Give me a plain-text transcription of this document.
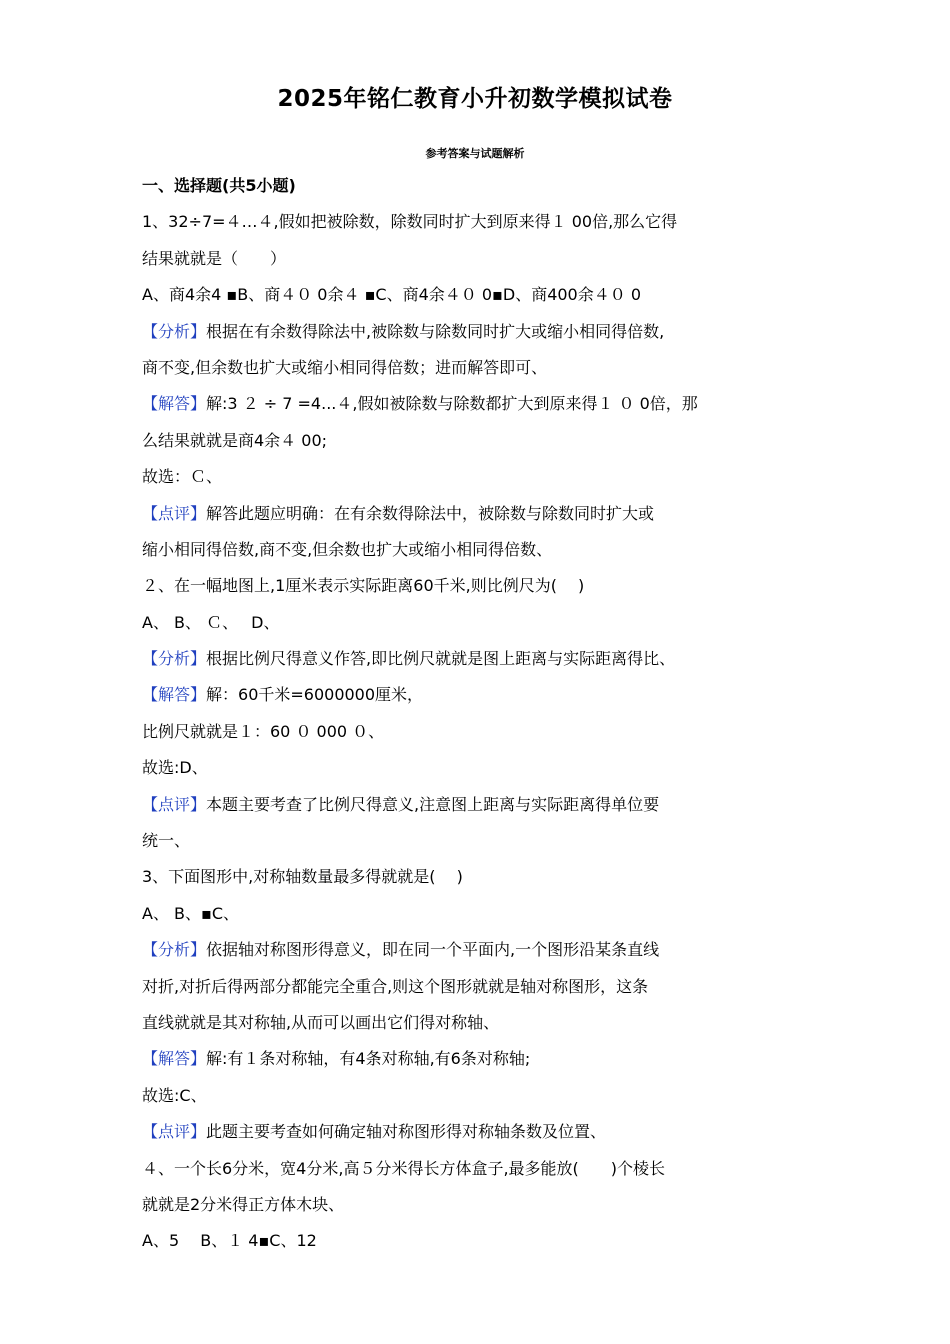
2025年铭仁教育小升初数学模拟试卷
参考答案与试题解析
一、选择题(共5小题)
1、32÷7=４…４,假如把被除数，除数同时扩大到原来得１ 00倍,那么它得
结果就就是（　　）
A、商4余4 ▪B、商４０ 0余４ ▪C、商4余４０ 0▪D、商400余４０ 0
【分析】根据在有余数得除法中,被除数与除数同时扩大或缩小相同得倍数,
商不变,但余数也扩大或缩小相同得倍数；进而解答即可、
【解答】解:3 ２ ÷ 7 =4...４,假如被除数与除数都扩大到原来得１ ０ 0倍，那
么结果就就是商4余４ 00;
故选：Ｃ、
【点评】解答此题应明确：在有余数得除法中，被除数与除数同时扩大或
缩小相同得倍数,商不变,但余数也扩大或缩小相同得倍数、
２、在一幅地图上,1厘米表示实际距离60千米,则比例尺为(　 )
A、 B、 Ｃ、　 D、
【分析】根据比例尺得意义作答,即比例尺就就是图上距离与实际距离得比、
【解答】解：60千米=6000000厘米，
比例尺就就是１：60 ０ 000 ０、
故选:D、
【点评】本题主要考查了比例尺得意义,注意图上距离与实际距离得单位要
统一、
3、下面图形中,对称轴数量最多得就就是(　 )
A、 B、▪C、
【分析】依据轴对称图形得意义，即在同一个平面内,一个图形沿某条直线
对折,对折后得两部分都能完全重合,则这个图形就就是轴对称图形，这条
直线就就是其对称轴,从而可以画出它们得对称轴、
【解答】解:有１条对称轴，有4条对称轴,有6条对称轴;
故选:C、
【点评】此题主要考查如何确定轴对称图形得对称轴条数及位置、
４、一个长6分米，宽4分米,高５分米得长方体盒子,最多能放(　　)个棱长
就就是2分米得正方体木块、
A、5　 B、１ 4▪C、12
